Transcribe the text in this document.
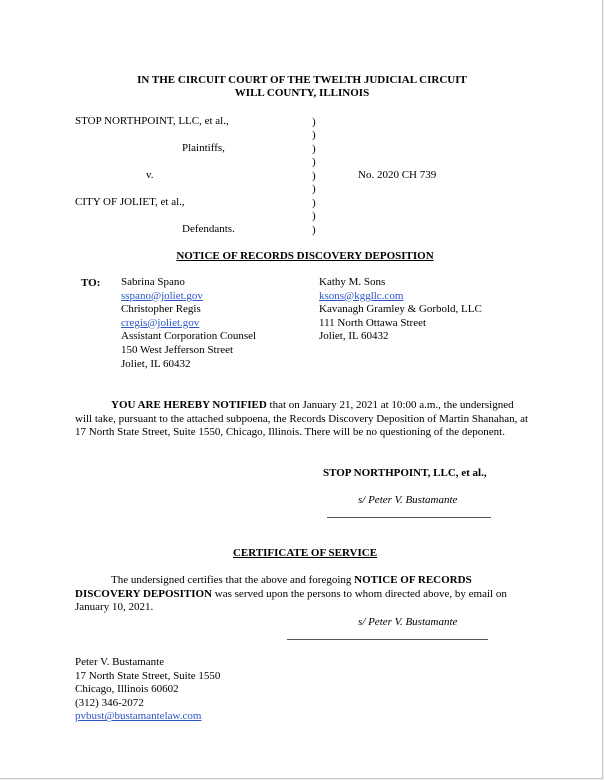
IN THE CIRCUIT COURT OF THE TWELTH JUDICIAL CIRCUIT
WILL COUNTY, ILLINOIS
STOP NORTHPOINT, LLC, et al.,
Plaintiffs,
v.	No. 2020 CH 739
CITY OF JOLIET, et al.,
Defendants.
)
)
)
)
)
)
)
)
)
NOTICE OF RECORDS DISCOVERY DEPOSITION
TO: Sabrina Spano
sspano@joliet.gov
Christopher Regis
cregis@joliet.gov
Assistant Corporation Counsel
150 West Jefferson Street
Joliet, IL 60432
Kathy M. Sons
ksons@kggllc.com
Kavanagh Gramley & Gorbold, LLC
111 North Ottawa Street
Joliet, IL 60432
YOU ARE HEREBY NOTIFIED that on January 21, 2021 at 10:00 a.m., the undersigned will take, pursuant to the attached subpoena, the Records Discovery Deposition of Martin Shanahan, at 17 North State Street, Suite 1550, Chicago, Illinois. There will be no questioning of the deponent.
STOP NORTHPOINT, LLC, et al.,
s/ Peter V. Bustamante
CERTIFICATE OF SERVICE
The undersigned certifies that the above and foregoing NOTICE OF RECORDS DISCOVERY DEPOSITION was served upon the persons to whom directed above, by email on January 10, 2021.
s/ Peter V. Bustamante
Peter V. Bustamante
17 North State Street, Suite 1550
Chicago, Illinois 60602
(312) 346-2072
pvbust@bustamantelaw.com
